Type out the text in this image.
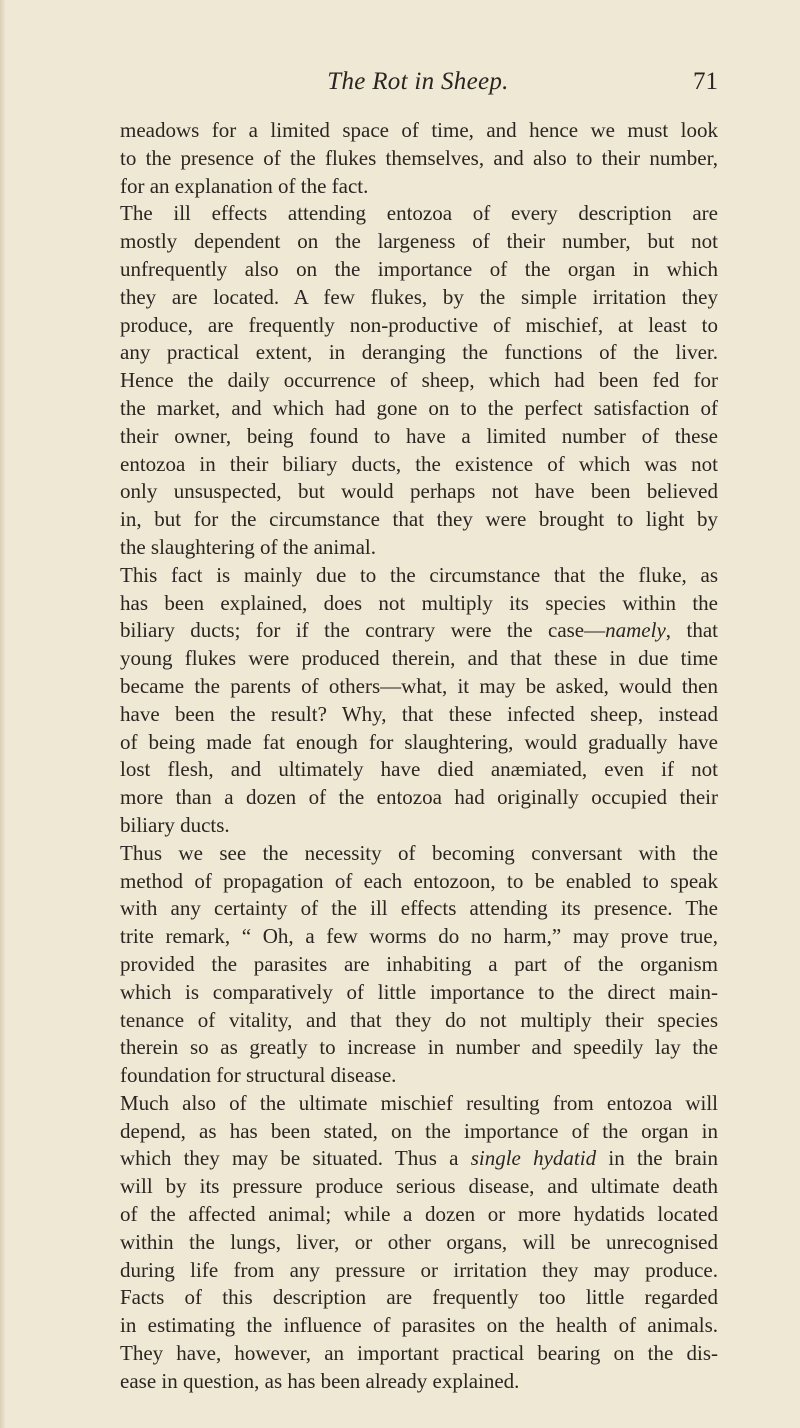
The Rot in Sheep.	71
meadows for a limited space of time, and hence we must look
to the presence of the flukes themselves, and also to their number,
for an explanation of the fact.
The ill effects attending entozoa of every description are
mostly dependent on the largeness of their number, but not
unfrequently also on the importance of the organ in which
they are located. A few flukes, by the simple irritation they
produce, are frequently non-productive of mischief, at least to
any practical extent, in deranging the functions of the liver.
Hence the daily occurrence of sheep, which had been fed for
the market, and which had gone on to the perfect satisfaction of
their owner, being found to have a limited number of these
entozoa in their biliary ducts, the existence of which was not
only unsuspected, but would perhaps not have been believed
in, but for the circumstance that they were brought to light by
the slaughtering of the animal.
This fact is mainly due to the circumstance that the fluke, as
has been explained, does not multiply its species within the
biliary ducts; for if the contrary were the case—namely, that
young flukes were produced therein, and that these in due time
became the parents of others—what, it may be asked, would then
have been the result? Why, that these infected sheep, instead
of being made fat enough for slaughtering, would gradually have
lost flesh, and ultimately have died anæmiated, even if not
more than a dozen of the entozoa had originally occupied their
biliary ducts.
Thus we see the necessity of becoming conversant with the
method of propagation of each entozoon, to be enabled to speak
with any certainty of the ill effects attending its presence. The
trite remark, “ Oh, a few worms do no harm,” may prove true,
provided the parasites are inhabiting a part of the organism
which is comparatively of little importance to the direct main-
tenance of vitality, and that they do not multiply their species
therein so as greatly to increase in number and speedily lay the
foundation for structural disease.
Much also of the ultimate mischief resulting from entozoa will
depend, as has been stated, on the importance of the organ in
which they may be situated. Thus a single hydatid in the brain
will by its pressure produce serious disease, and ultimate death
of the affected animal; while a dozen or more hydatids located
within the lungs, liver, or other organs, will be unrecognised
during life from any pressure or irritation they may produce.
Facts of this description are frequently too little regarded
in estimating the influence of parasites on the health of animals.
They have, however, an important practical bearing on the dis-
ease in question, as has been already explained.
